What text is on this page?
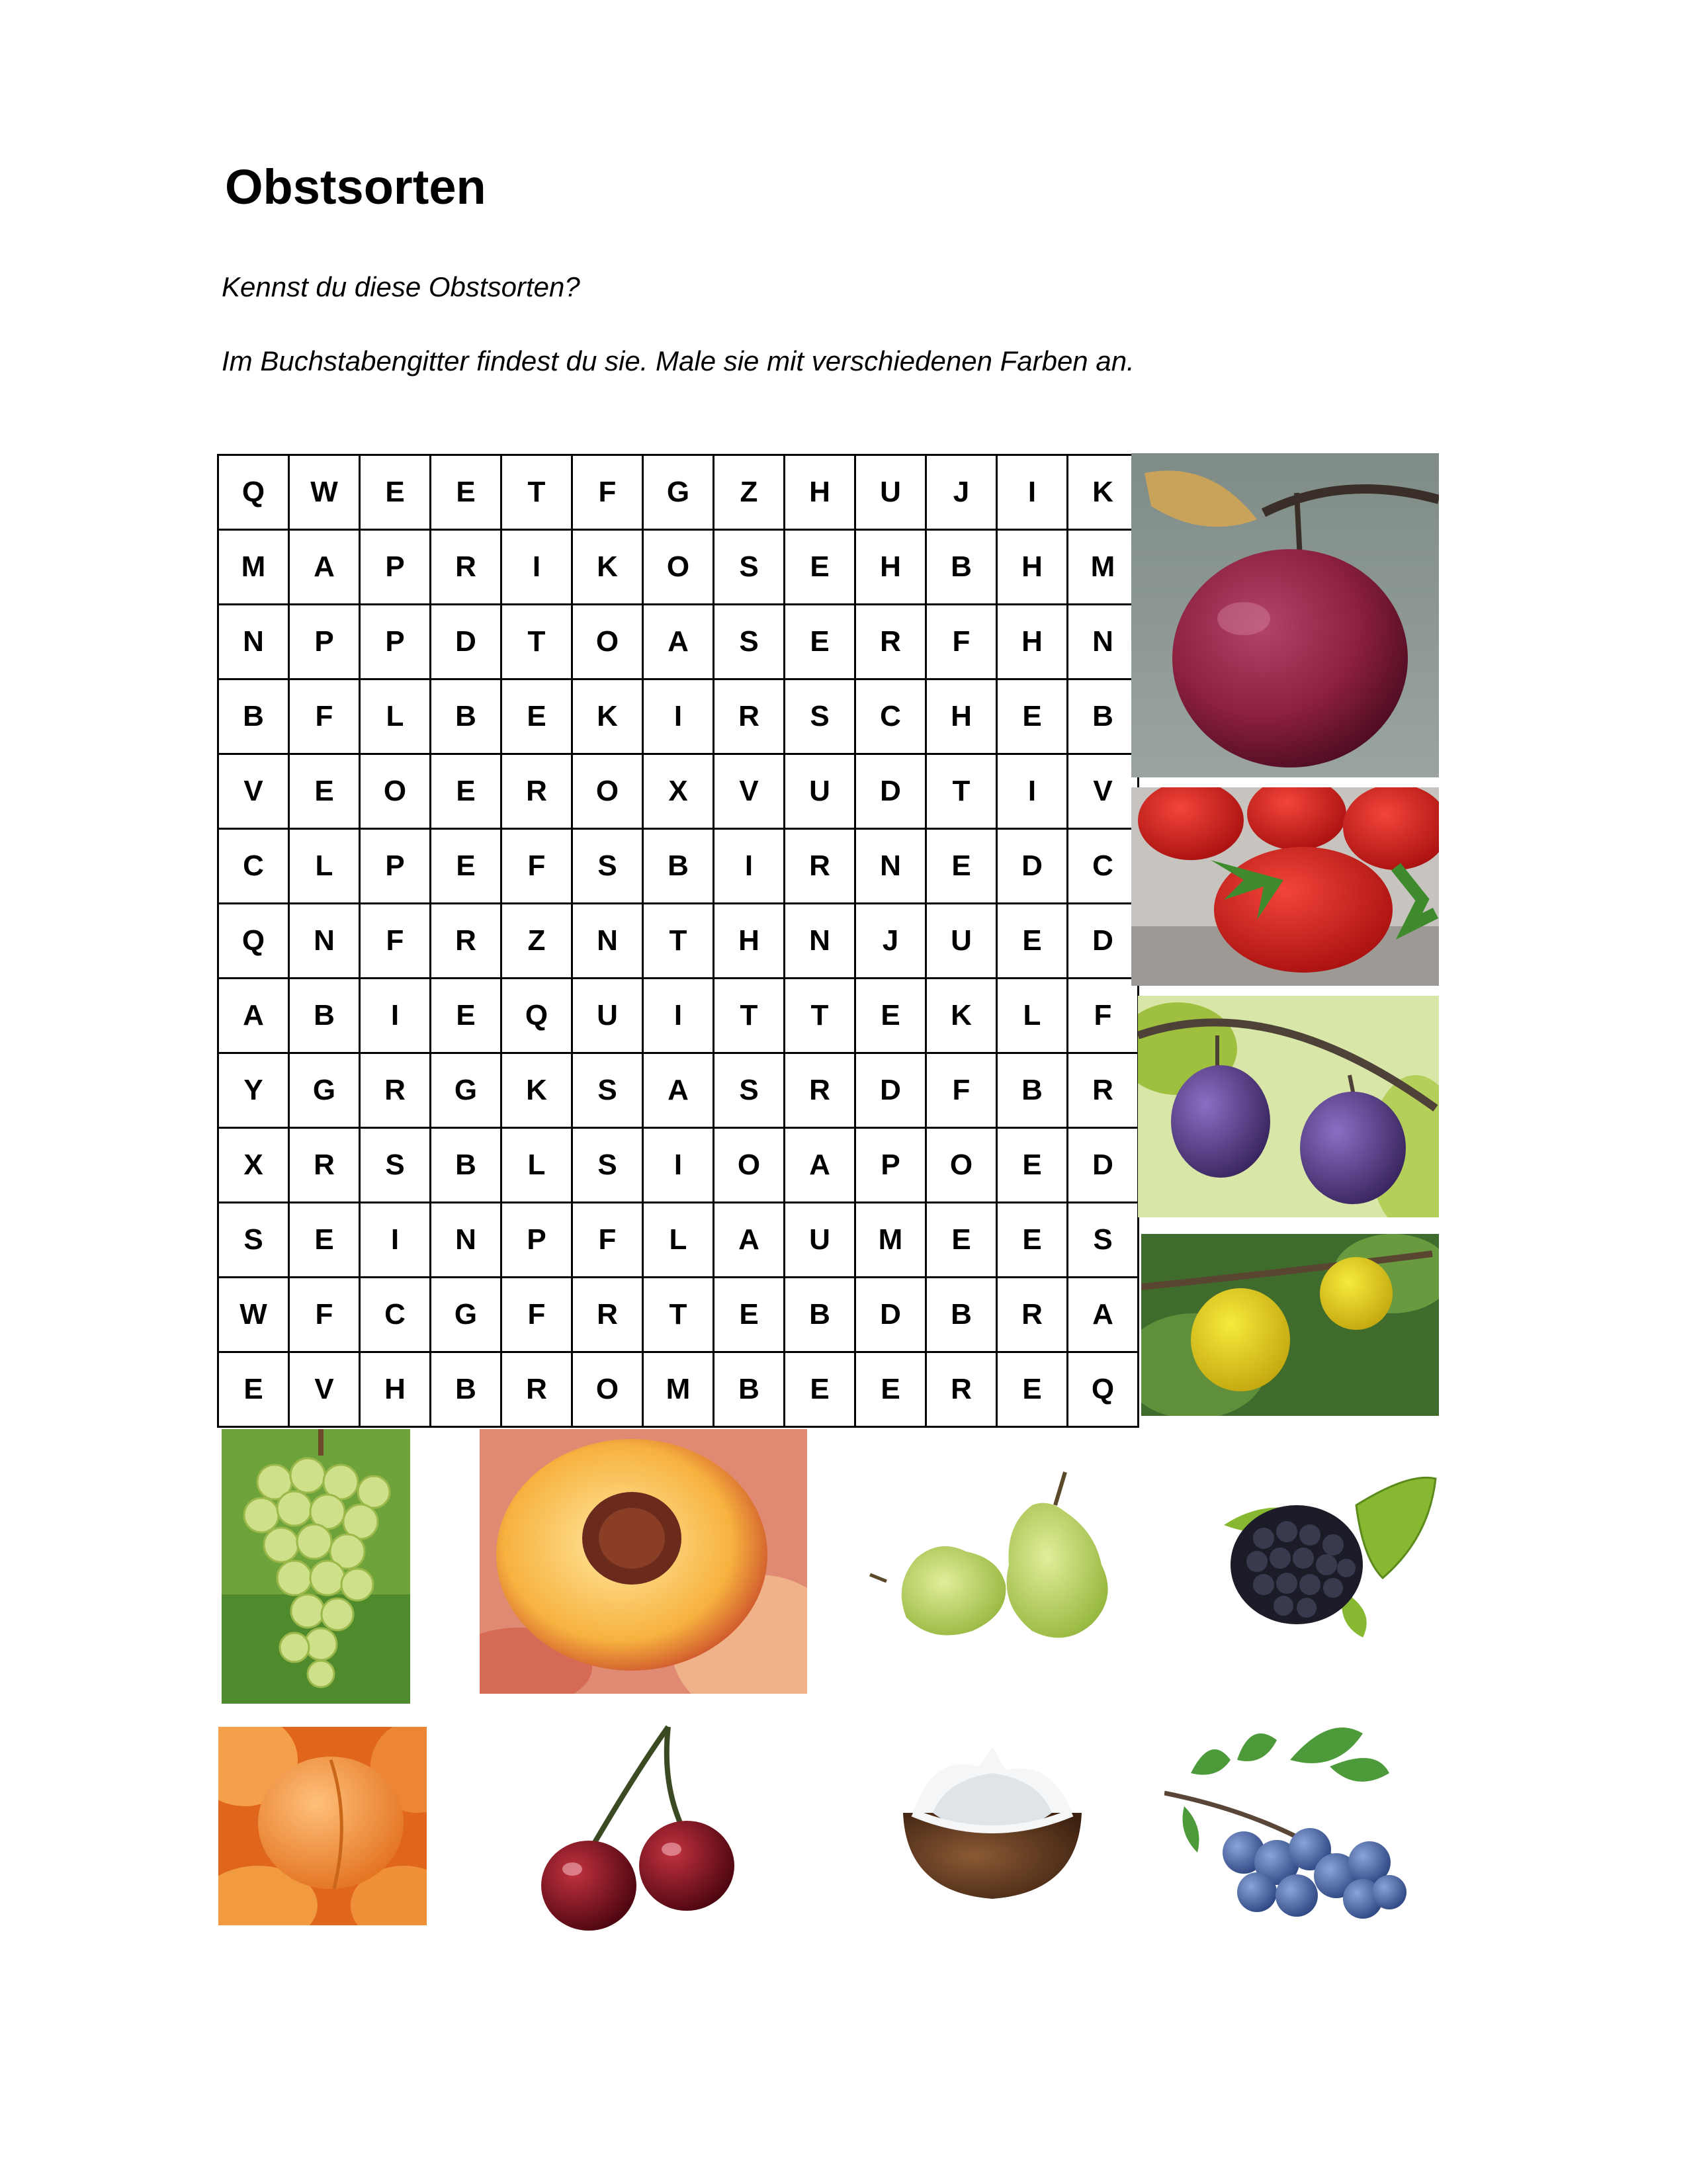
Obstsorten

Kennst du diese Obstsorten?

Im Buchstabengitter findest du sie. Male sie mit verschiedenen Farben an.

Q	W	E	E	T	F	G	Z	H	U	J	I	K
M	A	P	R	I	K	O	S	E	H	B	H	M
N	P	P	D	T	O	A	S	E	R	F	H	N
B	F	L	B	E	K	I	R	S	C	H	E	B
V	E	O	E	R	O	X	V	U	D	T	I	V
C	L	P	E	F	S	B	I	R	N	E	D	C
Q	N	F	R	Z	N	T	H	N	J	U	E	D
A	B	I	E	Q	U	I	T	T	E	K	L	F
Y	G	R	G	K	S	A	S	R	D	F	B	R
X	R	S	B	L	S	I	O	A	P	O	E	D
S	E	I	N	P	F	L	A	U	M	E	E	S
W	F	C	G	F	R	T	E	B	D	B	R	A
E	V	H	B	R	O	M	B	E	E	R	E	Q
